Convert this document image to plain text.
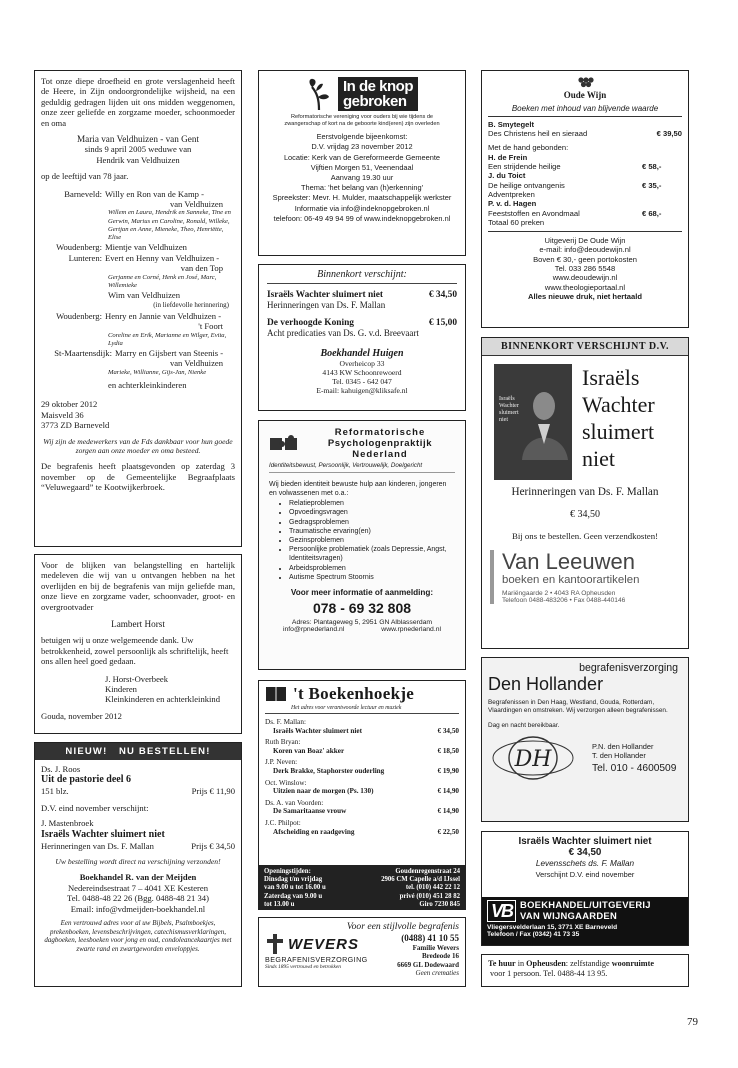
Tot onze diepe droefheid en grote verslagenheid heeft de Heere, in Zijn ondoorgrondelijke wijsheid, na een geduldig gedragen lijden uit ons midden weggenomen, onze zeer geliefde en zorgzame moeder, schoonmoeder en oma

Maria van Veldhuizen - van Gent

sinds 9 april 2005 weduwe van

Hendrik van Veldhuizen

op de leeftijd van 78 jaar.

Barneveld: Willy en Ron van de Kamp -
van Veldhuizen
Willem en Laura, Hendrik en Sanneke, Tine en Gerwin, Marius en Caroline, Ronald, Willeke, Gertjan en Anne, Mieneke, Theo, Henriëtte, Elise
Woudenberg: Mientje van Veldhuizen
Lunteren: Evert en Henny van Veldhuizen -
van den Top
Gerjanne en Corné, Henk en José, Marc, Willemieke
Wim van Veldhuizen
(in liefdevolle herinnering)
Woudenberg: Henry en Jannie van Veldhuizen -
't Foort
Coreline en Erik, Marianne en Wilger, Evita, Lydia
St-Maartensdijk: Marry en Gijsbert van Steenis -
van Veldhuizen
Marieke, Willianne, Gijs-Jan, Nienke
en achterkleinkinderen

29 oktober 2012

Maisveld 36

3773 ZD Barneveld

Wij zijn de medewerkers van de Fds dankbaar voor hun goede zorgen aan onze moeder en oma besteed.

De begrafenis heeft plaatsgevonden op zaterdag 3 november op de Gemeentelijke Begraafplaats “Veluwegaard” te Kootwijkerbroek.

Voor de blijken van belangstelling en hartelijk medeleven die wij van u ontvangen hebben na het overlijden en bij de begrafenis van mijn geliefde man, onze lieve en zorgzame vader, schoonvader, groot- en overgrootvader

Lambert Horst

betuigen wij u onze welgemeende dank. Uw betrokkenheid, zowel persoonlijk als schriftelijk, heeft ons allen heel goed gedaan.

J. Horst-Overbeek

Kinderen

Kleinkinderen en achterkleinkind

Gouda, november 2012

NIEUW!   NU BESTELLEN!

Ds. J. Roos

Uit de pastorie deel 6

151 blz.	Prijs € 11,90

D.V. eind november verschijnt:

J. Mastenbroek

Israëls Wachter sluimert niet

Herinneringen van Ds. F. Mallan	Prijs € 34,50

Uw bestelling wordt direct na verschijning verzonden!

Boekhandel R. van der Meijden

Nedereindsestraat 7 – 4041 XE Kesteren

Tel. 0488-48 22 26 (Bgg. 0488-48 21 34)

Email: info@vdmeijden-boekhandel.nl

Een vertrouwd adres voor al uw Bijbels, Psalmboekjes, prekenboeken, levensbeschrijvingen, catechismusverklaringen, dagboeken, leesboeken voor jong en oud, condoleancekaartjes met zwarte rand en zwartgeworden enveloppjes.

In de knop
gebroken

Reformatorische vereniging voor ouders bij wie tijdens de zwangerschap of kort na de geboorte kind(eren) zijn overleden

Eerstvolgende bijeenkomst:

D.V. vrijdag 23 november 2012

Locatie: Kerk van de Gereformeerde Gemeente

Vijftien Morgen 51, Veenendaal

Aanvang 19.30 uur

Thema: 'het belang van (h)erkenning'

Spreekster: Mevr. H. Mulder, maatschappelijk werkster

Informatie via info@indeknopgebroken.nl

telefoon: 06-49 49 94 99 of www.indeknopgebroken.nl

Binnenkort verschijnt:

Israëls Wachter sluimert niet	€ 34,50

Herinneringen van Ds. F. Mallan

De verhoogde Koning	€ 15,00

Acht predicaties van Ds. G. v.d. Breevaart

Boekhandel Huigen

Overheicop 33

4143 KW Schoonrewoerd

Tel. 0345 - 642 047

E-mail: kahuigen@kliksafe.nl

Reformatorische
Psychologenpraktijk
Nederland

Identiteitsbewust, Persoonlijk, Vertrouwelijk, Doelgericht

Wij bieden identiteit bewuste hulp aan kinderen, jongeren en volwassenen met o.a.:

• Relatieproblemen
• Opvoedingsvragen
• Gedragsproblemen
• Traumatische ervaring(en)
• Gezinsproblemen
• Persoonlijke problematiek (zoals Depressie, Angst, Identiteitsvragen)
• Arbeidsproblemen
• Autisme Spectrum Stoornis

Voor meer informatie of aanmelding:

078 - 69 32 808

Adres: Plantageweg 5, 2951 GN Alblasserdam

info@rpnederland.nl	www.rpnederland.nl
't Boekenhoekje

Het adres voor verantwoorde lectuur en muziek

Ds. F. Mallan:

Israëls Wachter sluimert niet	€ 34,50

Ruth Bryan:

Koren van Boaz' akker	€ 18,50

J.P. Neven:

Derk Brakke, Staphorster ouderling	€ 19,90

Oct. Winslow:

Uitzien naar de morgen (Ps. 130)	€ 14,90

Ds. A. van Voorden:

De Samaritaanse vrouw	€ 14,90

J.C. Philpot:

Afscheiding en raadgeving	€ 22,50

Openingstijden:

Dinsdag t/m vrijdag

van 9.00 u tot 16.00 u

Zaterdag van 9.00 u

tot 13.00 u

Goudenregenstraat 24

2906 CM Capelle a/d IJssel

tel. (010) 442 22 12

privé (010) 451 28 82

Giro 7230 845

Voor een stijlvolle begrafenis

WEVERS

BEGRAFENISVERZORGING

Sinds 1895 vertrouwd en betrokken

(0488) 41 10 55

Familie Wevers

Bredeode 16

6669 GL Dodewaard

Geen crematies

Oude Wijn

Boeken met inhoud van blijvende waarde

B. Smytegelt

Des Christens heil en sieraad	€ 39,50

Met de hand gebonden:

H. de Frein

Een strijdende heilige	€ 58,-

J. du Toict

De heilige ontvangenis	€ 35,-

Adventpreken

P. v. d. Hagen

Feeststoffen en Avondmaal	€ 68,-

Totaal 60 preken

Uitgeverij De Oude Wijn

e-mail: info@deoudewijn.nl

Boven € 30,- geen portokosten

Tel. 033 286 5548

www.deoudewijn.nl

www.theologieportaal.nl

Alles nieuwe druk, niet hertaald

BINNENKORT VERSCHIJNT D.V.
Israëls Wachter sluimert niet

Israëls

Wachter

sluimert

niet

Herinneringen van Ds. F. Mallan

€ 34,50

Bij ons te bestellen. Geen verzendkosten!

Van Leeuwen

boeken en kantoorartikelen

Mariëngaarde 2 • 4043 RA Opheusden

Telefoon 0488-483206 • Fax 0488-440146

begrafenisverzorging

Den Hollander

Begrafenissen in Den Haag, Westland, Gouda, Rotterdam, Vlaardingen en omstreken. Wij verzorgen alleen begrafenissen.

Dag en nacht bereikbaar.

DH

P.N. den Hollander

T. den Hollander

Tel. 010 - 4600509

Israëls Wachter sluimert niet

€ 34,50

Levensschets ds. F. Mallan

Verschijnt D.V. eind november

VB BOEKHANDEL/UITGEVERIJ

VAN WIJNGAARDEN

Vliegersvelderlaan 15, 3771 XE Barneveld

Telefoon / Fax (0342) 41 73 35

Te huur in Opheusden: zelfstandige woonruimte voor 1 persoon. Tel. 0488-44 13 95.
79
